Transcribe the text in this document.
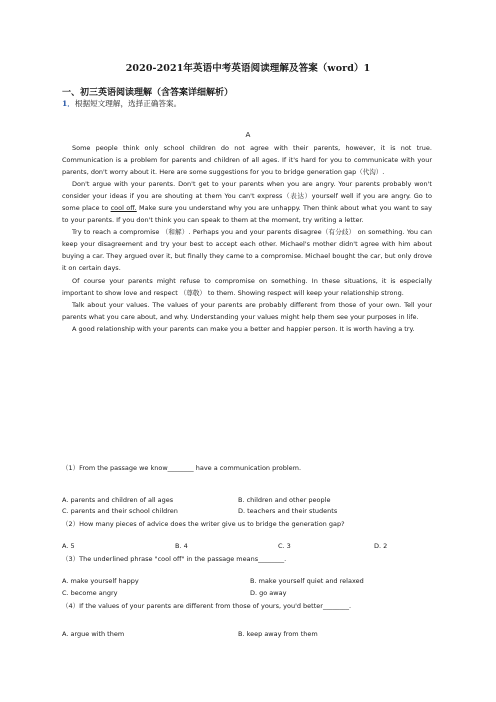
2020-2021年英语中考英语阅读理解及答案（word）1
一、初三英语阅读理解（含答案详细解析）
1．根据短文理解，选择正确答案。
A

Some people think only school children do not agree with their parents, however, it is not true. Communication is a problem for parents and children of all ages. If it's hard for you to communicate with your parents, don't worry about it. Here are some suggestions for you to bridge generation gap（代沟）.

Don't argue with your parents. Don't get to your parents when you are angry. Your parents probably won't consider your ideas if you are shouting at them You can't express（表达）yourself well if you are angry. Go to some place to cool off. Make sure you understand why you are unhappy. Then think about what you want to say to your parents. If you don't think you can speak to them at the moment, try writing a letter.

Try to reach a compromise （和解）. Perhaps you and your parents disagree（有分歧） on something. You can keep your disagreement and try your best to accept each other. Michael's mother didn't agree with him about buying a car. They argued over it, but finally they came to a compromise. Michael bought the car, but only drove it on certain days.

Of course your parents might refuse to compromise on something. In these situations, it is especially important to show love and respect （尊敬） to them. Showing respect will keep your relationship strong.

Talk about your values. The values of your parents are probably different from those of your own. Tell your parents what you care about, and why. Understanding your values might help them see your purposes in life.

A good relationship with your parents can make you a better and happier person. It is worth having a try.

（1）From the passage we know________ have a communication problem.
A. parents and children of all ages	B. children and other people
C. parents and their school children	D. teachers and their students
（2）How many pieces of advice does the writer give us to bridge the generation gap?
A. 5	B. 4	C. 3	D. 2
（3）The underlined phrase "cool off" in the passage means________.
A. make yourself happy	B. make yourself quiet and relaxed
C. become angry	D. go away
（4）If the values of your parents are different from those of yours, you'd better________.
A. argue with them	B. keep away from them
